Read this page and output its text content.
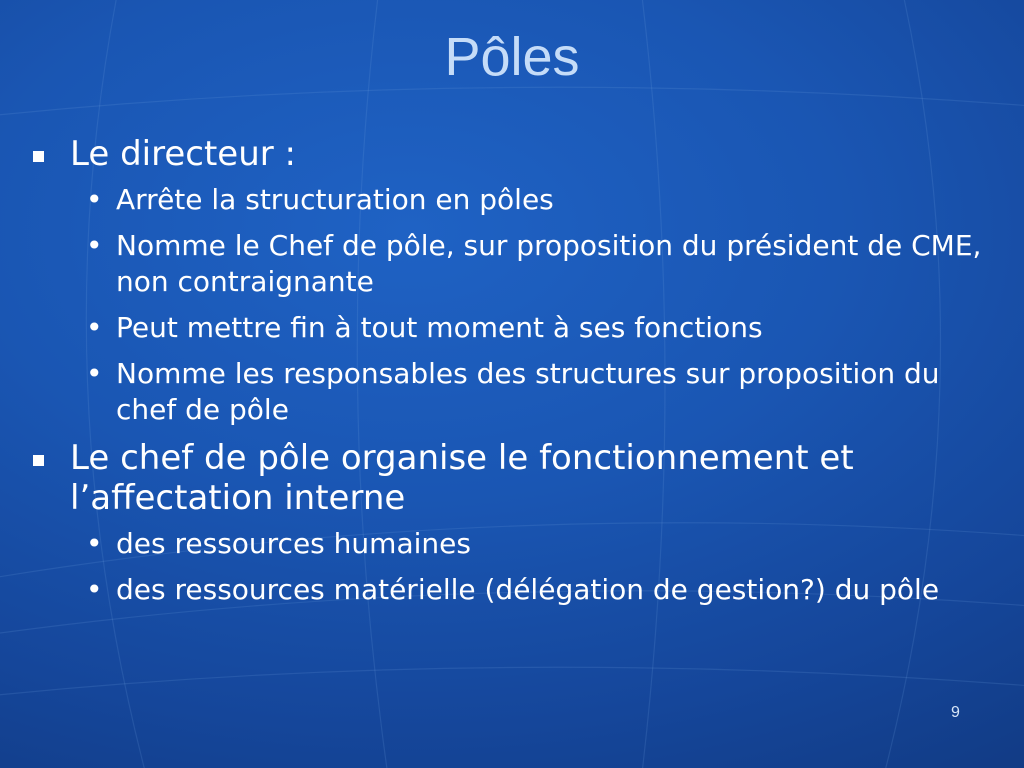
Pôles
Le directeur :
• Arrête la structuration en pôles
• Nomme le Chef de pôle, sur proposition du président de CME, non contraignante
• Peut mettre fin à tout moment à ses fonctions
• Nomme les responsables des structures sur proposition du chef de pôle
Le chef de pôle organise le fonctionnement et l’affectation interne
• des ressources humaines
• des ressources matérielle (délégation de gestion?) du pôle
9
